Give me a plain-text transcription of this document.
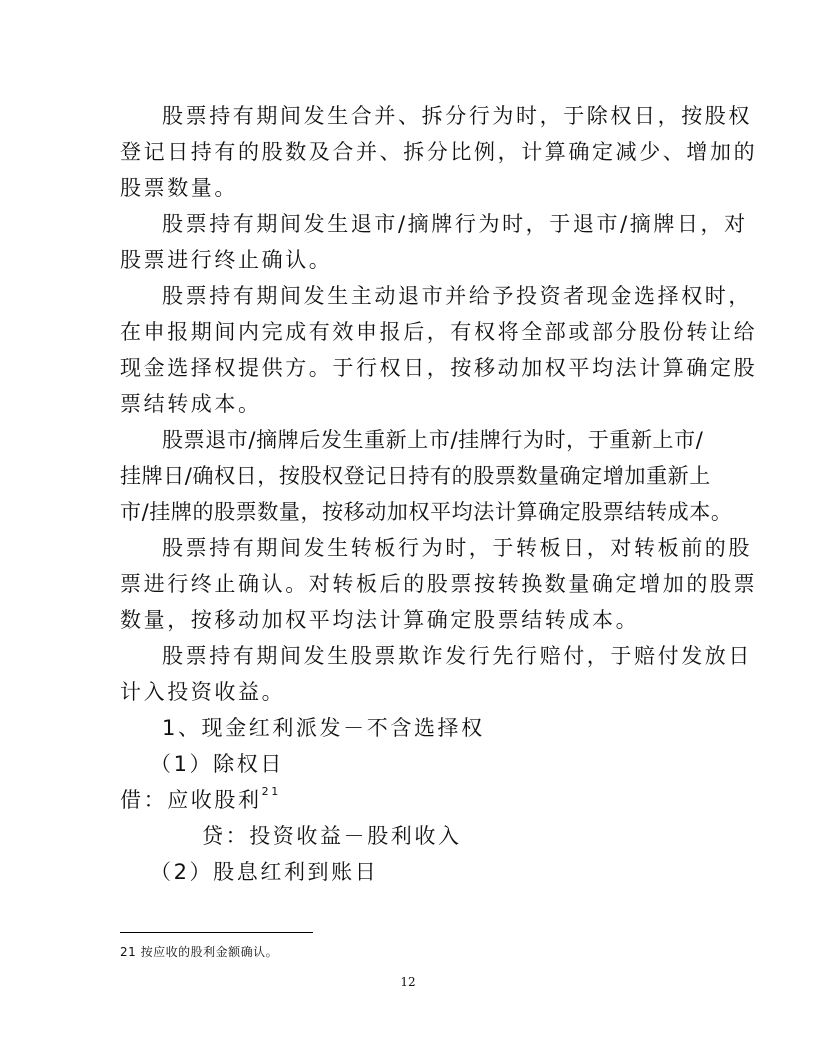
股票持有期间发生合并、拆分行为时，于除权日，按股权
登记日持有的股数及合并、拆分比例，计算确定减少、增加的
股票数量。
股票持有期间发生退市/摘牌行为时，于退市/摘牌日，对
股票进行终止确认。
股票持有期间发生主动退市并给予投资者现金选择权时，
在申报期间内完成有效申报后，有权将全部或部分股份转让给
现金选择权提供方。于行权日，按移动加权平均法计算确定股
票结转成本。
股票退市/摘牌后发生重新上市/挂牌行为时，于重新上市/
挂牌日/确权日，按股权登记日持有的股票数量确定增加重新上
市/挂牌的股票数量，按移动加权平均法计算确定股票结转成本。
股票持有期间发生转板行为时，于转板日，对转板前的股
票进行终止确认。对转板后的股票按转换数量确定增加的股票
数量，按移动加权平均法计算确定股票结转成本。
股票持有期间发生股票欺诈发行先行赔付，于赔付发放日
计入投资收益。
1、现金红利派发－不含选择权
（1）除权日
借：应收股利$^{21}$
贷：投资收益－股利收入
（2）股息红利到账日
21 按应收的股利金额确认。
12
